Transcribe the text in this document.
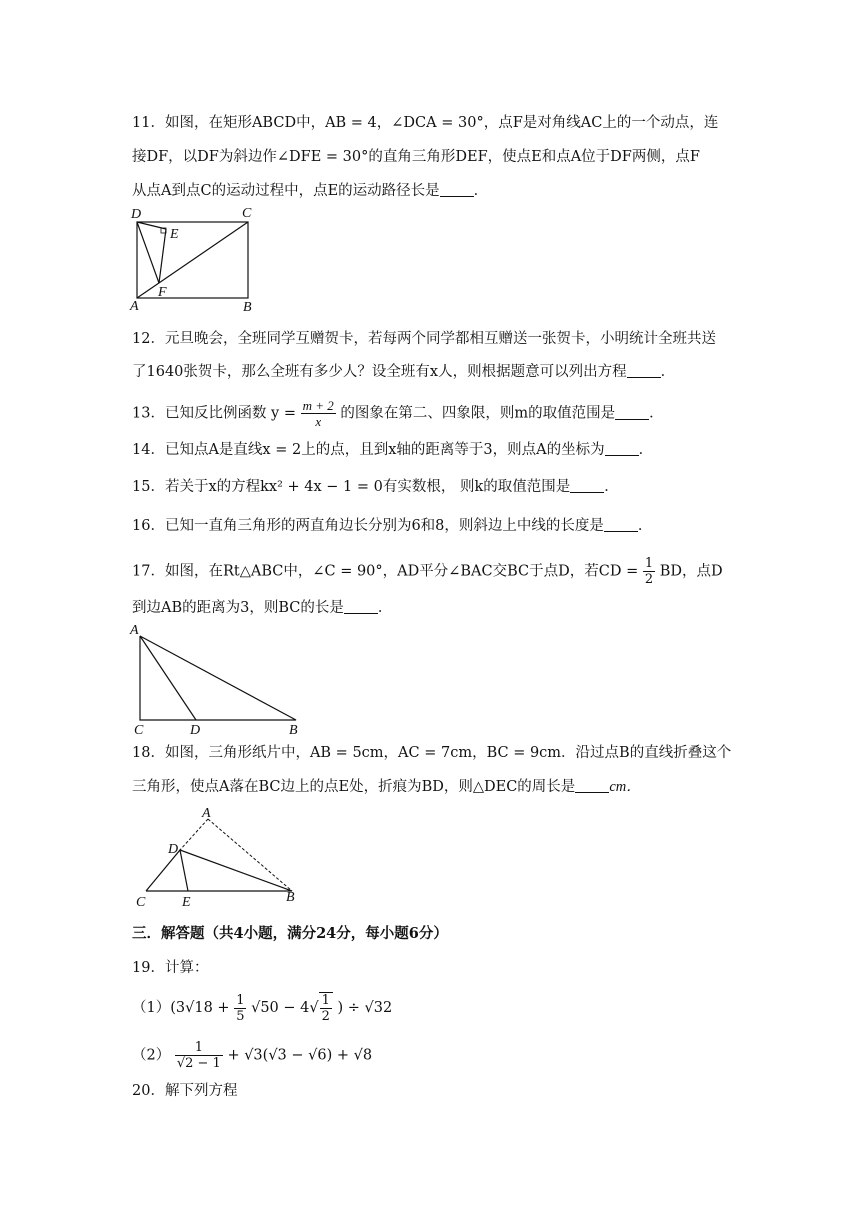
11．如图，在矩形ABCD中，AB = 4，∠DCA = 30°，点F是对角线AC上的一个动点，连
接DF，以DF为斜边作∠DFE = 30°的直角三角形DEF，使点E和点A位于DF两侧，点F
从点A到点C的运动过程中，点E的运动路径长是 ．
D	C
E
A
F
B
12．元旦晚会，全班同学互赠贺卡，若每两个同学都相互赠送一张贺卡，小明统计全班共送
了1640张贺卡，那么全班有多少人？设全班有x人，则根据题意可以列出方程 ．
13．已知反比例函数 $y = \frac{m + 2}{x}$ 的图象在第二、四象限，则m的取值范围是 ．
14．已知点A是直线x = 2上的点，且到x轴的距离等于3，则点A的坐标为 ．
15．若关于x的方程kx² + 4x − 1 = 0有实数根， 则k的取值范围是 ．
16．已知一直角三角形的两直角边长分别为6和8，则斜边上中线的长度是 ．
17．如图，在Rt△ABC中，∠C = 90°，AD平分∠BAC交BC于点D，若CD = $\frac{1}{2}$ BD，点D
到边AB的距离为3，则BC的长是 ．
A
C	D	B
18．如图，三角形纸片中，AB = 5cm，AC = 7cm，BC = 9cm．沿过点B的直线折叠这个
三角形，使点A落在BC边上的点E处，折痕为BD，则△DEC的周长是 cm．
A
D
C	E	B
三．解答题（共4小题，满分24分，每小题6分）
19．计算：
$(1)(3√18 + \frac{1}{5} √50 - 4√ \frac{1}{2}$ ) ÷ √32
$(2) \frac{1}{√2 - 1} + √3(√3 - √6) + √8$
20．解下列方程
